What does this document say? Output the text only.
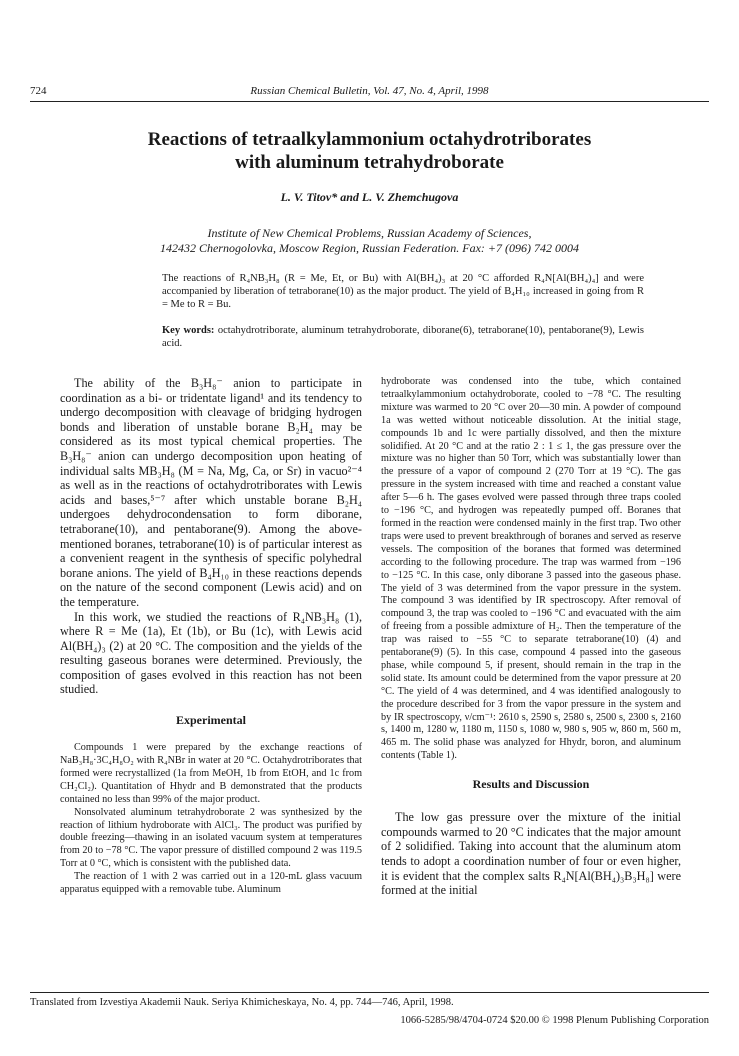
724	Russian Chemical Bulletin, Vol. 47, No. 4, April, 1998
Reactions of tetraalkylammonium octahydrotriborates
with aluminum tetrahydroborate
L. V. Titov* and L. V. Zhemchugova
Institute of New Chemical Problems, Russian Academy of Sciences,
142432 Chernogolovka, Moscow Region, Russian Federation. Fax: +7 (096) 742 0004
The reactions of R₄NB₃H₈ (R = Me, Et, or Bu) with Al(BH₄)₃ at 20 °C afforded R₄N[Al(BH₄)₄] and were accompanied by liberation of tetraborane(10) as the major product. The yield of B₄H₁₀ increased in going from R = Me to R = Bu.
Key words: octahydrotriborate, aluminum tetrahydroborate, diborane(6), tetraborane(10), pentaborane(9), Lewis acid.

The ability of the B₃H₈⁻ anion to participate in coordination as a bi- or tridentate ligand¹ and its tendency to undergo decomposition with cleavage of bridging hydrogen bonds and liberation of unstable borane B₂H₄ may be considered as its most typical chemical properties. The B₃H₈⁻ anion can undergo decomposition upon heating of individual salts MB₃H₈ (M = Na, Mg, Ca, or Sr) in vacuo²⁻⁴ as well as in the reactions of octahydrotriborates with Lewis acids and bases,⁵⁻⁷ after which unstable borane B₂H₄ undergoes dehydrocondensation to form diborane, tetraborane(10), and pentaborane(9). Among the above-mentioned boranes, tetraborane(10) is of particular interest as a convenient reagent in the synthesis of specific polyhedral borane anions. The yield of B₄H₁₀ in these reactions depends on the nature of the second component (Lewis acid) and on the temperature.

In this work, we studied the reactions of R₄NB₃H₈ (1), where R = Me (1a), Et (1b), or Bu (1c), with Lewis acid Al(BH₄)₃ (2) at 20 °C. The composition and the yields of the resulting gaseous boranes were determined. Previously, the composition of gases evolved in this reaction has not been studied.

Experimental

Compounds 1 were prepared by the exchange reactions of NaB₃H₈·3C₄H₈O₂ with R₄NBr in water at 20 °C. Octahydrotriborates that formed were recrystallized (1a from MeOH, 1b from EtOH, and 1c from CH₂Cl₂). Quantitation of Hhydr and B demonstrated that the products contained no less than 99% of the major product.

Nonsolvated aluminum tetrahydroborate 2 was synthesized by the reaction of lithium hydroborate with AlCl₃. The product was purified by double freezing—thawing in an isolated vacuum system at temperatures from 20 to −78 °C. The vapor pressure of distilled compound 2 was 119.5 Torr at 0 °C, which is consistent with the published data.

The reaction of 1 with 2 was carried out in a 120-mL glass vacuum apparatus equipped with a removable tube. Aluminum

hydroborate was condensed into the tube, which contained tetraalkylammonium octahydroborate, cooled to −78 °C. The resulting mixture was warmed to 20 °C over 20—30 min. A powder of compound 1a was wetted without noticeable dissolution. At the initial stage, compounds 1b and 1c were partially dissolved, and then the mixture solidified. At 20 °C and at the ratio 2 : 1 ≤ 1, the gas pressure over the mixture was no higher than 50 Torr, which was substantially lower than the pressure of a vapor of compound 2 (270 Torr at 19 °C). The gas pressure in the system increased with time and reached a constant value after 5—6 h. The gases evolved were passed through three traps cooled to −196 °C, and hydrogen was repeatedly pumped off. Boranes that formed in the reaction were condensed mainly in the first trap. Two other traps were used to prevent breakthrough of boranes and served as reserve vessels. The composition of the boranes that formed was determined according to the following procedure. The trap was warmed from −196 to −125 °C. In this case, only diborane 3 passed into the gaseous phase. The yield of 3 was determined from the vapor pressure in the system. The compound 3 was identified by IR spectroscopy. After removal of compound 3, the trap was cooled to −196 °C and evacuated with the aim of freeing from a possible admixture of H₂. Then the temperature of the trap was raised to −55 °C to separate tetraborane(10) (4) and pentaborane(9) (5). In this case, compound 4 passed into the gaseous phase, while compound 5, if present, should remain in the trap in the solid state. Its amount could be determined from the vapor pressure at 20 °C. The yield of 4 was determined, and 4 was identified analogously to the procedure described for 3 from the vapor pressure in the system and by IR spectroscopy, ν/cm⁻¹: 2610 s, 2590 s, 2580 s, 2500 s, 2300 s, 2160 s, 1400 m, 1280 w, 1180 m, 1150 s, 1080 w, 980 s, 905 w, 860 m, 560 m, 465 m. The solid phase was analyzed for Hhydr, boron, and aluminum contents (Table 1).

Results and Discussion

The low gas pressure over the mixture of the initial compounds warmed to 20 °C indicates that the major amount of 2 solidified. Taking into account that the aluminum atom tends to adopt a coordination number of four or even higher, it is evident that the complex salts R₄N[Al(BH₄)₃B₃H₈] were formed at the initial

Translated from Izvestiya Akademii Nauk. Seriya Khimicheskaya, No. 4, pp. 744—746, April, 1998.
1066-5285/98/4704-0724 $20.00 © 1998 Plenum Publishing Corporation
